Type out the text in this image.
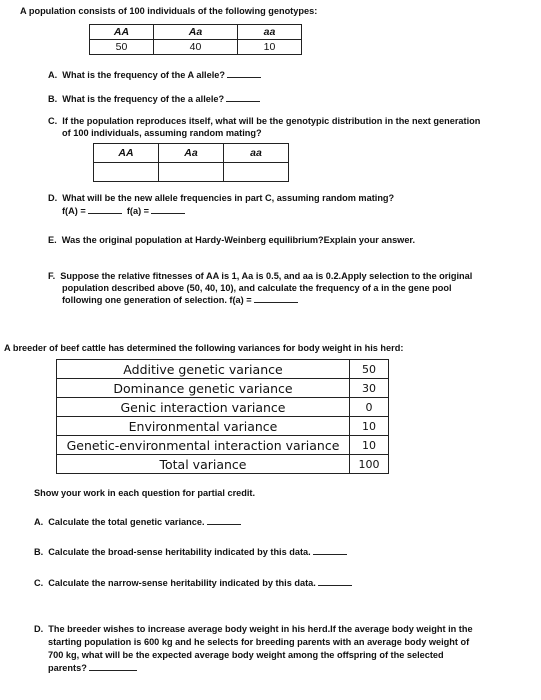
A population consists of 100 individuals of the following genotypes:
AA	Aa	aa
50	40	10
A. What is the frequency of the A allele?
B. What is the frequency of the a allele?
C. If the population reproduces itself, what will be the genotypic distribution in the next generation
of 100 individuals, assuming random mating?
AA	Aa	aa

D. What will be the new allele frequencies in part C, assuming random mating?
f(A) =	f(a) =
E. Was the original population at Hardy-Weinberg equilibrium?Explain your answer.
F. Suppose the relative fitnesses of AA is 1, Aa is 0.5, and aa is 0.2.Apply selection to the original
population described above (50, 40, 10), and calculate the frequency of a in the gene pool
following one generation of selection. f(a) =
A breeder of beef cattle has determined the following variances for body weight in his herd:
Additive genetic variance	50
Dominance genetic variance	30
Genic interaction variance	0
Environmental variance	10
Genetic-environmental interaction variance	10
Total variance	100
Show your work in each question for partial credit.
A. Calculate the total genetic variance.
B. Calculate the broad-sense heritability indicated by this data.
C. Calculate the narrow-sense heritability indicated by this data.
D. The breeder wishes to increase average body weight in his herd.If the average body weight in the
starting population is 600 kg and he selects for breeding parents with an average body weight of
700 kg, what will be the expected average body weight among the offspring of the selected
parents?
